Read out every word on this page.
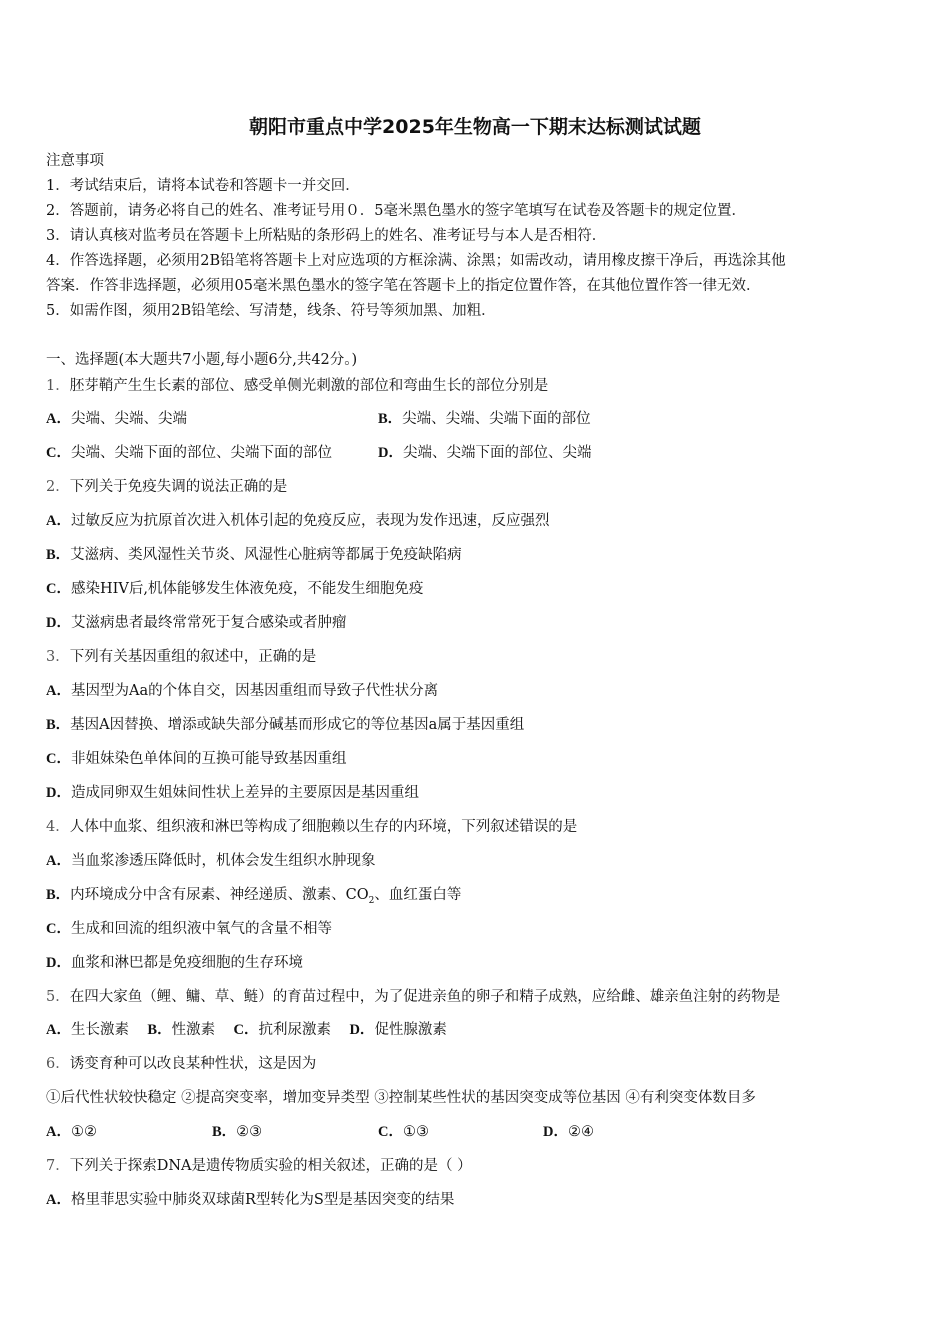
朝阳市重点中学2025年生物高一下期末达标测试试题
注意事项
1．考试结束后，请将本试卷和答题卡一并交回．
2．答题前，请务必将自己的姓名、准考证号用０．5毫米黑色墨水的签字笔填写在试卷及答题卡的规定位置．
3．请认真核对监考员在答题卡上所粘贴的条形码上的姓名、准考证号与本人是否相符．
4．作答选择题，必须用2B铅笔将答题卡上对应选项的方框涂满、涂黑；如需改动，请用橡皮擦干净后，再选涂其他
答案．作答非选择题，必须用05毫米黑色墨水的签字笔在答题卡上的指定位置作答，在其他位置作答一律无效．
5．如需作图，须用2B铅笔绘、写清楚，线条、符号等须加黑、加粗．
一、选择题(本大题共7小题,每小题6分,共42分。)
1．胚芽鞘产生生长素的部位、感受单侧光刺激的部位和弯曲生长的部位分别是
A．尖端、尖端、尖端	B．尖端、尖端、尖端下面的部位
C．尖端、尖端下面的部位、尖端下面的部位	D．尖端、尖端下面的部位、尖端
2．下列关于免疫失调的说法正确的是
A．过敏反应为抗原首次进入机体引起的免疫反应，表现为发作迅速，反应强烈
B．艾滋病、类风湿性关节炎、风湿性心脏病等都属于免疫缺陷病
C．感染HIV后,机体能够发生体液免疫，不能发生细胞免疫
D．艾滋病患者最终常常死于复合感染或者肿瘤
3．下列有关基因重组的叙述中，正确的是
A．基因型为Aa的个体自交，因基因重组而导致子代性状分离
B．基因A因替换、增添或缺失部分碱基而形成它的等位基因a属于基因重组
C．非姐妹染色单体间的互换可能导致基因重组
D．造成同卵双生姐妹间性状上差异的主要原因是基因重组
4．人体中血浆、组织液和淋巴等构成了细胞赖以生存的内环境，下列叙述错误的是
A．当血浆渗透压降低时，机体会发生组织水肿现象
B．内环境成分中含有尿素、神经递质、激素、$CO_2$、血红蛋白等
C．生成和回流的组织液中氧气的含量不相等
D．血浆和淋巴都是免疫细胞的生存环境
5．在四大家鱼（鲤、鳙、草、鲢）的育苗过程中，为了促进亲鱼的卵子和精子成熟，应给雌、雄亲鱼注射的药物是
A．生长激素 B．性激素 C．抗利尿激素 D．促性腺激素
6．诱变育种可以改良某种性状，这是因为
①后代性状较快稳定 ②提高突变率，增加变异类型 ③控制某些性状的基因突变成等位基因 ④有利突变体数目多
A．①②	B．②③	C．①③	D．②④
7．下列关于探索DNA是遗传物质实验的相关叙述，正确的是（ ）
A．格里菲思实验中肺炎双球菌R型转化为S型是基因突变的结果
